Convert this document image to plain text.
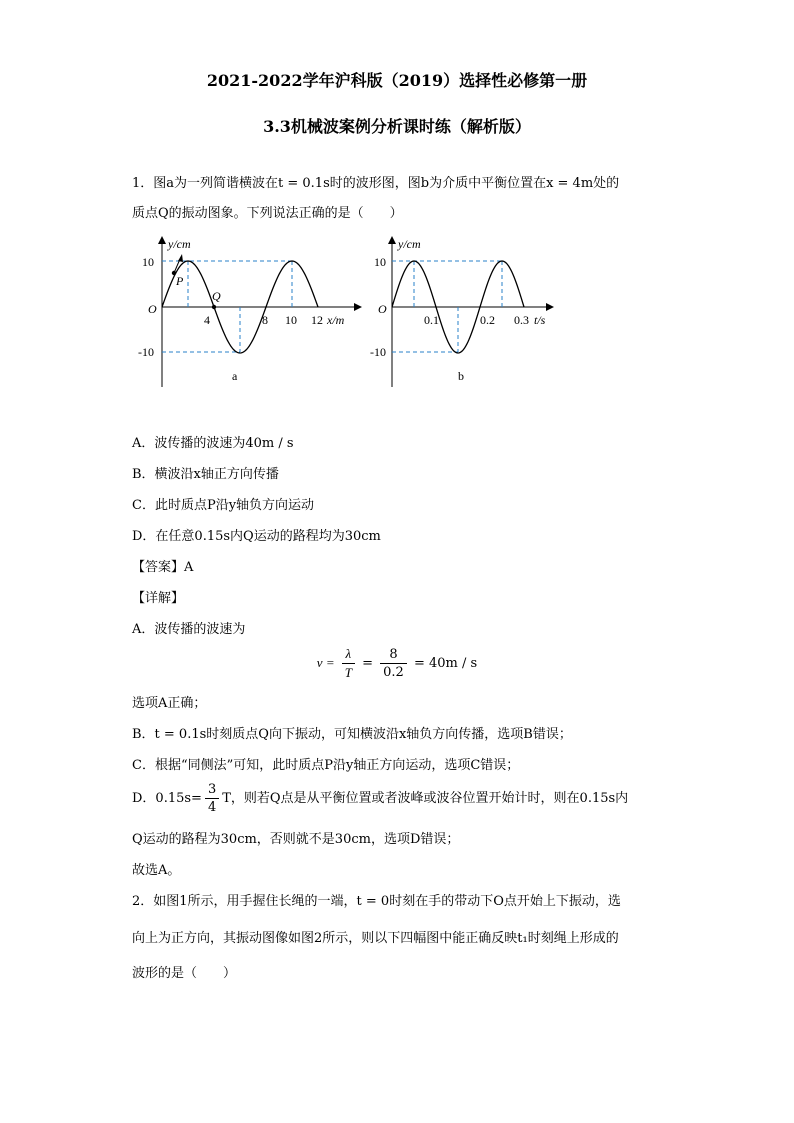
2021-2022学年沪科版（2019）选择性必修第一册
3.3机械波案例分析课时练（解析版）
1．图a为一列简谐横波在t = 0.1s时的波形图，图b为介质中平衡位置在x = 4m处的
质点Q的振动图象。下列说法正确的是（　　）
y/cm
10
-10
O
P
Q
4	8 10 12 x/m
a
y/cm
10
-10
O
0.1	0.2 0.3 t/s
b
A．波传播的波速为40m / s
B．横波沿x轴正方向传播
C．此时质点P沿y轴负方向运动
D．在任意0.15s内Q运动的路程均为30cm
【答案】A
【详解】
A．波传播的波速为
$v = \frac{\lambda}{T} = \frac{8}{0.2} = 40m / s$
选项A正确；
B．t = 0.1s时刻质点Q向下振动，可知横波沿x轴负方向传播，选项B错误；
C．根据“同侧法”可知，此时质点P沿y轴正方向运动，选项C错误；
D．$0.15s= \frac{3}{4}$ T，则若Q点是从平衡位置或者波峰或波谷位置开始计时，则在0.15s内
Q运动的路程为30cm，否则就不是30cm，选项D错误；
故选A。
2．如图1所示，用手握住长绳的一端，t = 0时刻在手的带动下O点开始上下振动，选
向上为正方向，其振动图像如图2所示，则以下四幅图中能正确反映t₁时刻绳上形成的
波形的是（　　）
